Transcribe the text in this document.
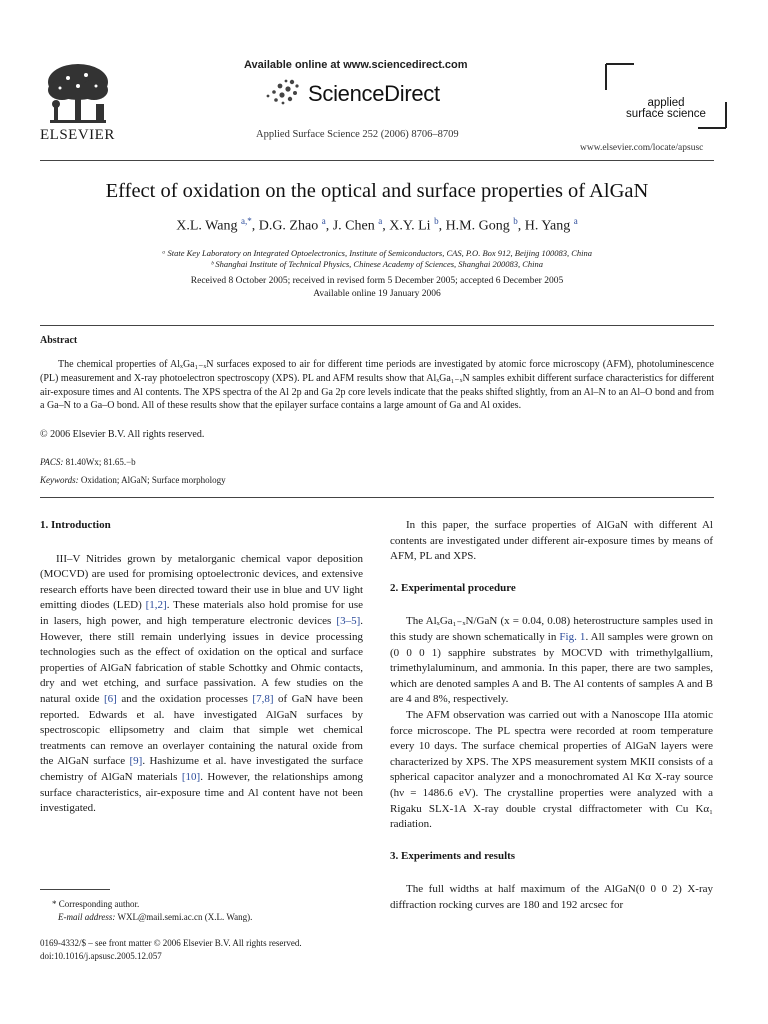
ELSEVIER
Available online at www.sciencedirect.com
ScienceDirect
Applied Surface Science 252 (2006) 8706–8709
applied
surface science
www.elsevier.com/locate/apsusc
Effect of oxidation on the optical and surface properties of AlGaN
X.L. Wang $^{a,*}$, D.G. Zhao $^a$, J. Chen $^a$, X.Y. Li $^b$, H.M. Gong $^b$, H. Yang $^a$
ᵃ State Key Laboratory on Integrated Optoelectronics, Institute of Semiconductors, CAS, P.O. Box 912, Beijing 100083, China
ᵇ Shanghai Institute of Technical Physics, Chinese Academy of Sciences, Shanghai 200083, China
Received 8 October 2005; received in revised form 5 December 2005; accepted 6 December 2005
Available online 19 January 2006
Abstract
The chemical properties of AlₓGa₁₋ₓN surfaces exposed to air for different time periods are investigated by atomic force microscopy (AFM), photoluminescence (PL) measurement and X-ray photoelectron spectroscopy (XPS). PL and AFM results show that AlₓGa₁₋ₓN samples exhibit different surface characteristics for different air-exposure times and Al contents. The XPS spectra of the Al 2p and Ga 2p core levels indicate that the peaks shifted slightly, from an Al–N to an Al–O bond and from a Ga–N to a Ga–O bond. All of these results show that the epilayer surface contains a large amount of Ga and Al oxides.
© 2006 Elsevier B.V. All rights reserved.
PACS: 81.40Wx; 81.65.−b
Keywords: Oxidation; AlGaN; Surface morphology
1. Introduction

III–V Nitrides grown by metalorganic chemical vapor deposition (MOCVD) are used for promising optoelectronic devices, and extensive research efforts have been directed toward their use in blue and UV light emitting diodes (LED) [1,2]. These materials also hold promise for use in lasers, high power, and high temperature electronic devices [3–5]. However, there still remain underlying issues in device processing technologies such as the effect of oxidation on the optical and surface properties of AlGaN fabrication of stable Schottky and Ohmic contacts, dry and wet etching, and surface passivation. A few studies on the natural oxide [6] and the oxidation processes [7,8] of GaN have been reported. Edwards et al. have investigated AlGaN surfaces by spectroscopic ellipsometry and claim that simple wet chemical treatments can remove an overlayer containing the natural oxide from the AlGaN surface [9]. Hashizume et al. have investigated the surface chemistry of AlGaN materials [10]. However, the relationships among surface characteristics, air-exposure time and Al content have not been investigated.

In this paper, the surface properties of AlGaN with different Al contents are investigated under different air-exposure times by means of AFM, PL and XPS.

2. Experimental procedure

The AlₓGa₁₋ₓN/GaN (x = 0.04, 0.08) heterostructure samples used in this study are shown schematically in Fig. 1. All samples were grown on (0 0 0 1) sapphire substrates by MOCVD with trimethylgallium, trimethylaluminum, and ammonia. In this paper, there are two samples, which are denoted samples A and B. The Al contents of samples A and B are 4 and 8%, respectively.

The AFM observation was carried out with a Nanoscope IIIa atomic force microscope. The PL spectra were recorded at room temperature every 10 days. The surface chemical properties of AlGaN layers were characterized by XPS. The XPS measurement system MKII consists of a spherical capacitor analyzer and a monochromated Al Kα X-ray source (hν = 1486.6 eV). The crystalline properties were analyzed with a Rigaku SLX-1A X-ray double crystal diffractometer with Cu Kα₁ radiation.

3. Experiments and results

The full widths at half maximum of the AlGaN(0 0 0 2) X-ray diffraction rocking curves are 180 and 192 arcsec for

* Corresponding author.
E-mail address: WXL@mail.semi.ac.cn (X.L. Wang).
0169-4332/$ – see front matter © 2006 Elsevier B.V. All rights reserved.
doi:10.1016/j.apsusc.2005.12.057
